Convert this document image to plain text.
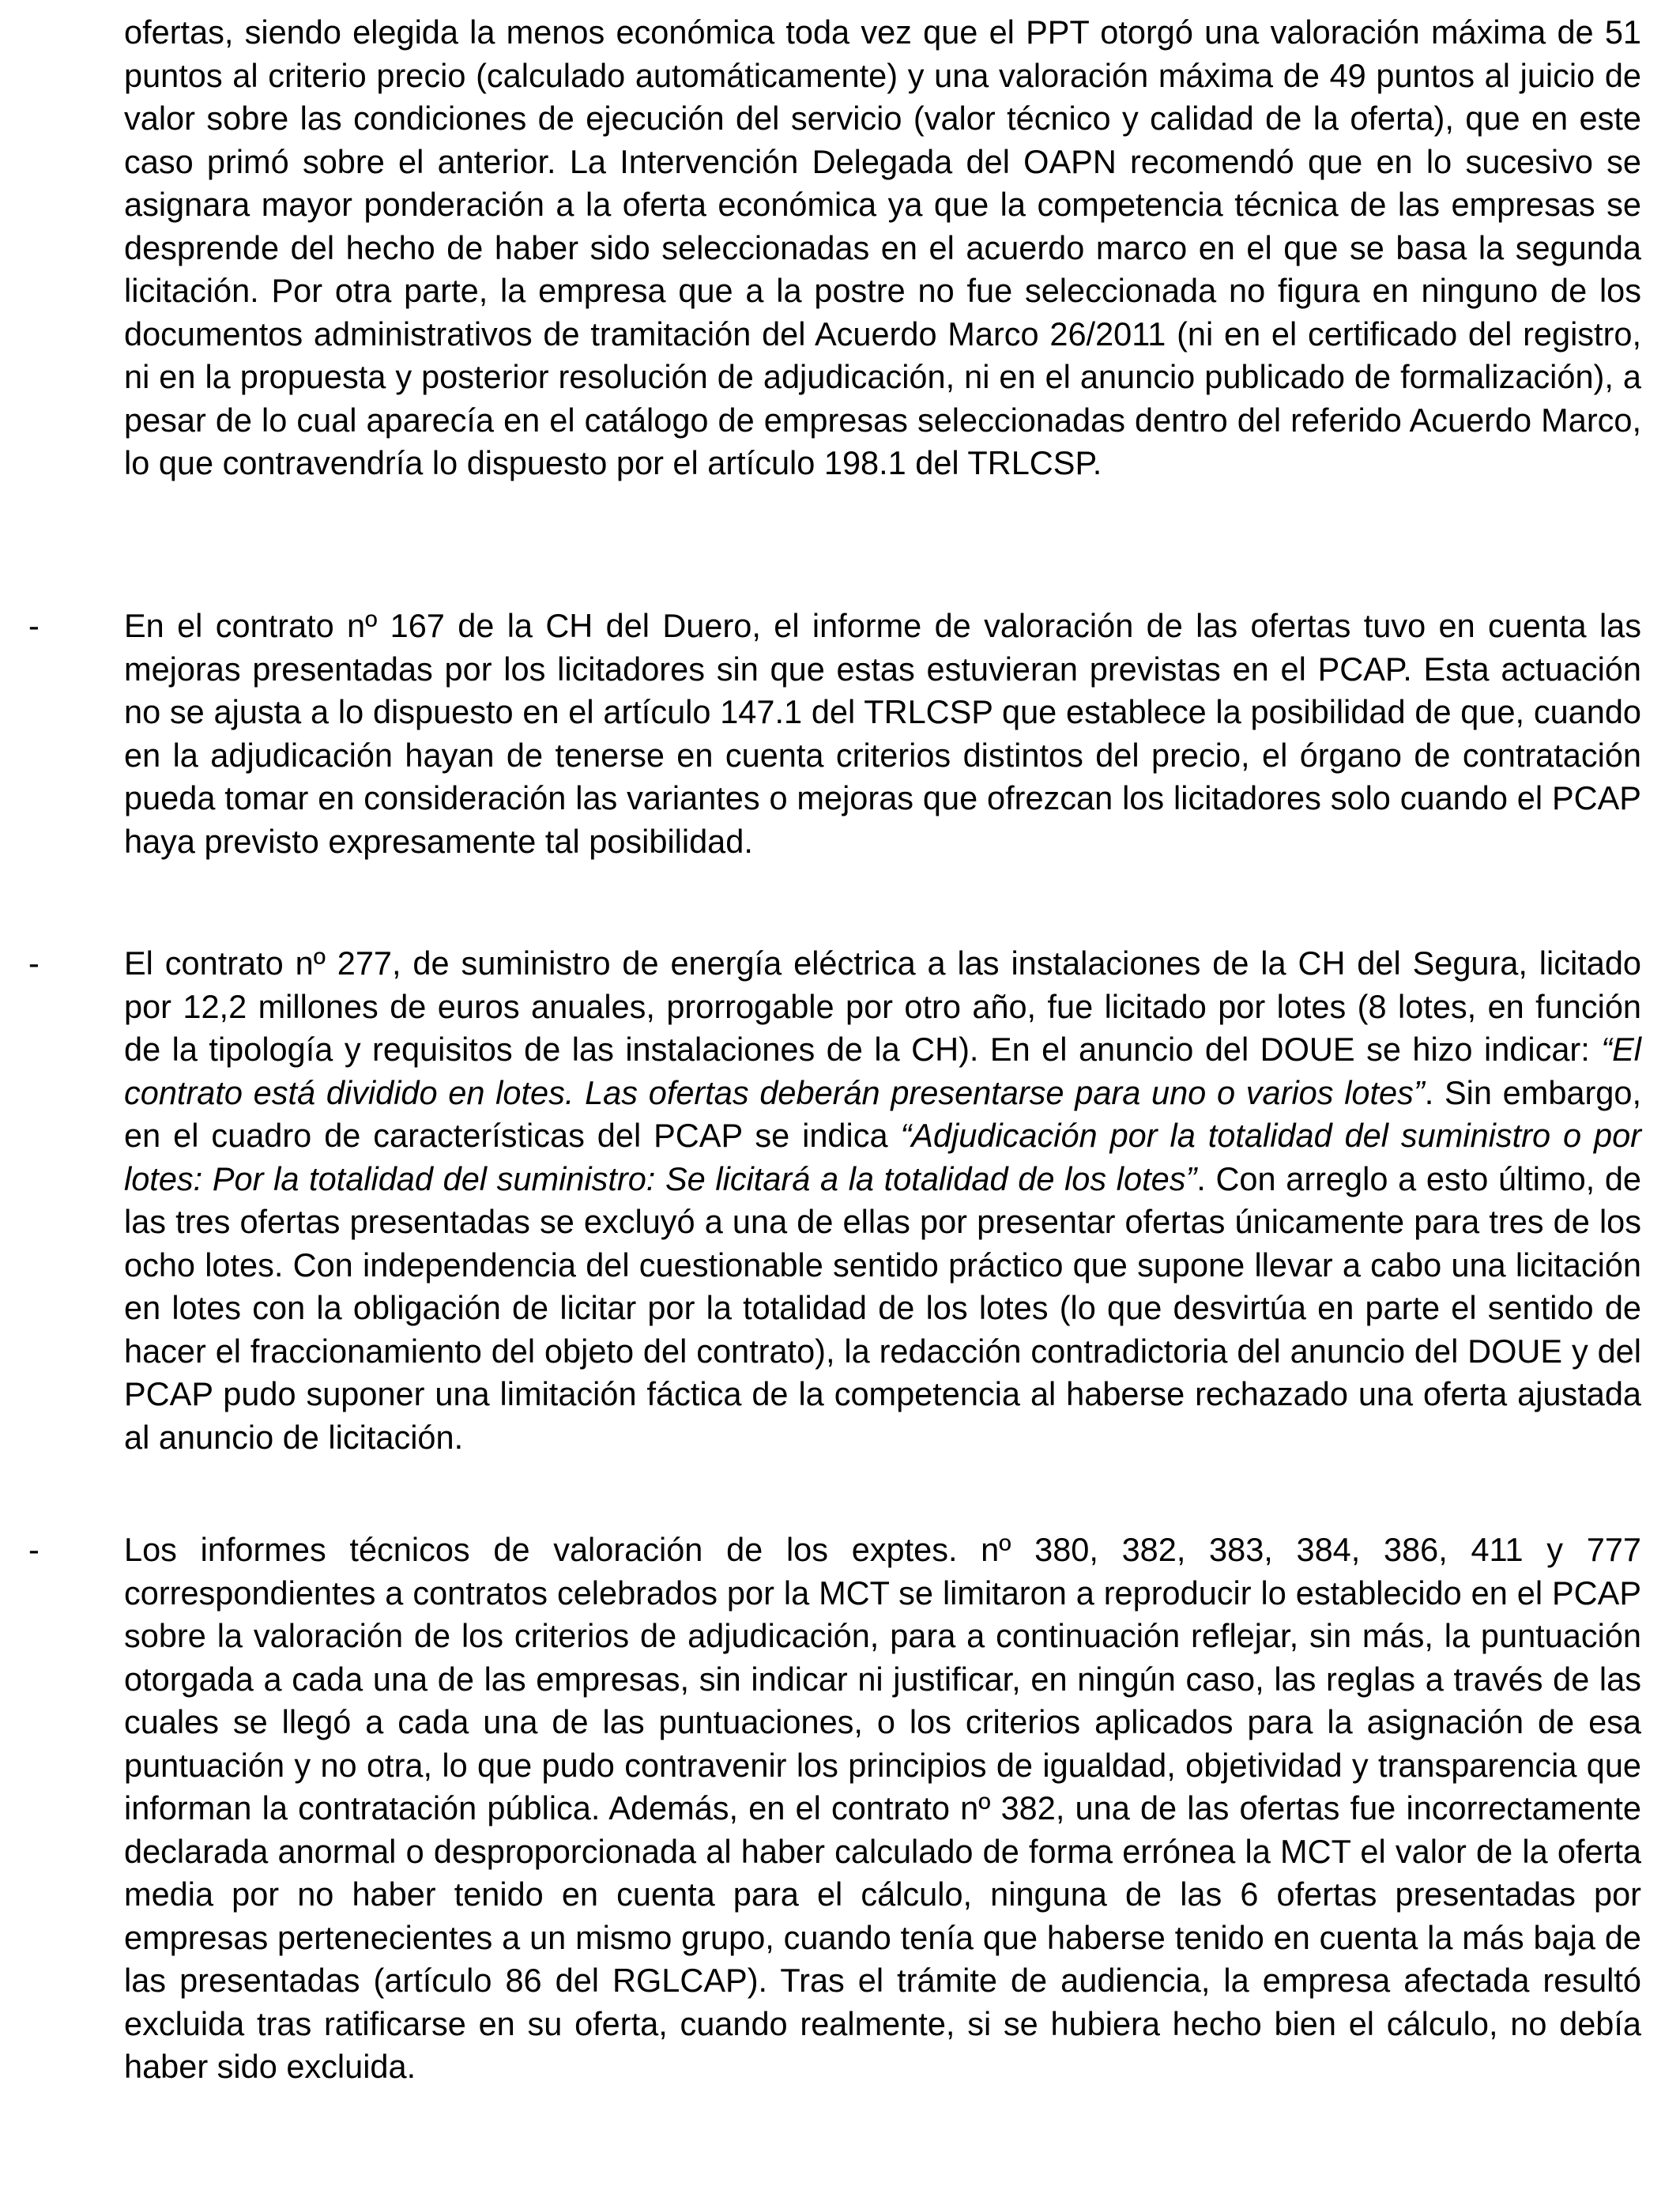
ofertas, siendo elegida la menos económica toda vez que el PPT otorgó una valoración máxima de 51 puntos al criterio precio (calculado automáticamente) y una valoración máxima de 49 puntos al juicio de valor sobre las condiciones de ejecución del servicio (valor técnico y calidad de la oferta), que en este caso primó sobre el anterior. La Intervención Delegada del OAPN recomendó que en lo sucesivo se asignara mayor ponderación a la oferta económica ya que la competencia técnica de las empresas se desprende del hecho de haber sido seleccionadas en el acuerdo marco en el que se basa la segunda licitación. Por otra parte, la empresa que a la postre no fue seleccionada no figura en ninguno de los documentos administrativos de tramitación del Acuerdo Marco 26/2011 (ni en el certificado del registro, ni en la propuesta y posterior resolución de adjudicación, ni en el anuncio publicado de formalización), a pesar de lo cual aparecía en el catálogo de empresas seleccionadas dentro del referido Acuerdo Marco, lo que contravendría lo dispuesto por el artículo 198.1 del TRLCSP.

-	En el contrato nº 167 de la CH del Duero, el informe de valoración de las ofertas tuvo en cuenta las mejoras presentadas por los licitadores sin que estas estuvieran previstas en el PCAP. Esta actuación no se ajusta a lo dispuesto en el artículo 147.1 del TRLCSP que establece la posibilidad de que, cuando en la adjudicación hayan de tenerse en cuenta criterios distintos del precio, el órgano de contratación pueda tomar en consideración las variantes o mejoras que ofrezcan los licitadores solo cuando el PCAP haya previsto expresamente tal posibilidad.

-	El contrato nº 277, de suministro de energía eléctrica a las instalaciones de la CH del Segura, licitado por 12,2 millones de euros anuales, prorrogable por otro año, fue licitado por lotes (8 lotes, en función de la tipología y requisitos de las instalaciones de la CH). En el anuncio del DOUE se hizo indicar: “El contrato está dividido en lotes. Las ofertas deberán presentarse para uno o varios lotes”. Sin embargo, en el cuadro de características del PCAP se indica “Adjudicación por la totalidad del suministro o por lotes: Por la totalidad del suministro: Se licitará a la totalidad de los lotes”. Con arreglo a esto último, de las tres ofertas presentadas se excluyó a una de ellas por presentar ofertas únicamente para tres de los ocho lotes. Con independencia del cuestionable sentido práctico que supone llevar a cabo una licitación en lotes con la obligación de licitar por la totalidad de los lotes (lo que desvirtúa en parte el sentido de hacer el fraccionamiento del objeto del contrato), la redacción contradictoria del anuncio del DOUE y del PCAP pudo suponer una limitación fáctica de la competencia al haberse rechazado una oferta ajustada al anuncio de licitación.

-	Los informes técnicos de valoración de los exptes. nº 380, 382, 383, 384, 386, 411 y 777 correspondientes a contratos celebrados por la MCT se limitaron a reproducir lo establecido en el PCAP sobre la valoración de los criterios de adjudicación, para a continuación reflejar, sin más, la puntuación otorgada a cada una de las empresas, sin indicar ni justificar, en ningún caso, las reglas a través de las cuales se llegó a cada una de las puntuaciones, o los criterios aplicados para la asignación de esa puntuación y no otra, lo que pudo contravenir los principios de igualdad, objetividad y transparencia que informan la contratación pública. Además, en el contrato nº 382, una de las ofertas fue incorrectamente declarada anormal o desproporcionada al haber calculado de forma errónea la MCT el valor de la oferta media por no haber tenido en cuenta para el cálculo, ninguna de las 6 ofertas presentadas por empresas pertenecientes a un mismo grupo, cuando tenía que haberse tenido en cuenta la más baja de las presentadas (artículo 86 del RGLCAP). Tras el trámite de audiencia, la empresa afectada resultó excluida tras ratificarse en su oferta, cuando realmente, si se hubiera hecho bien el cálculo, no debía haber sido excluida.
